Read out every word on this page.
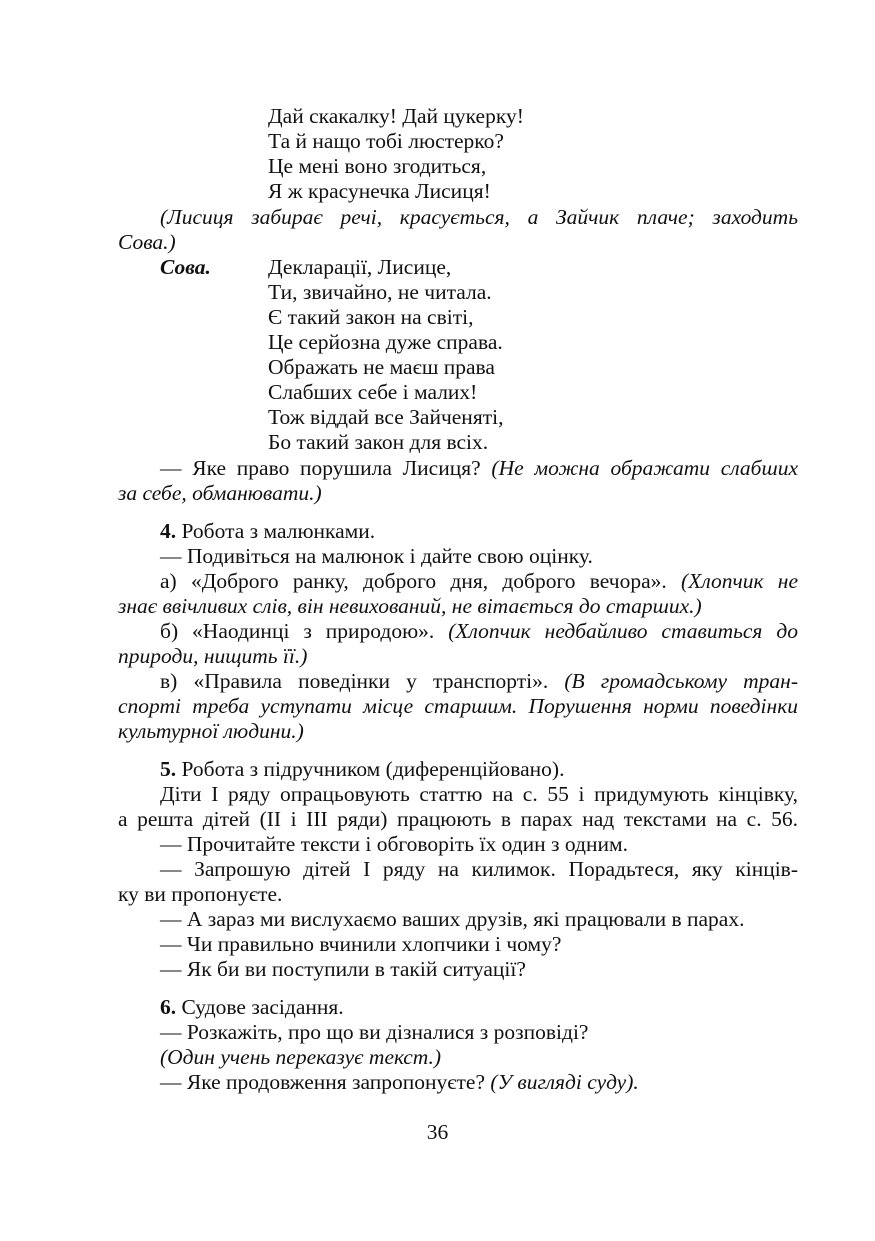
Дай скакалку! Дай цукерку!
Та й нащо тобі люстерко?
Це мені воно згодиться,
Я ж красунечка Лисиця!
(Лисиця забирає речі, красується, а Зайчик плаче; заходить
Сова.)
Сова.	Декларації, Лисице,
Ти, звичайно, не читала.
Є такий закон на світі,
Це серйозна дуже справа.
Ображать не маєш права
Слабших себе і малих!
Тож віддай все Зайченяті,
Бо такий закон для всіх.
— Яке право порушила Лисиця? (Не можна ображати слабших
за себе, обманювати.)
4. Робота з малюнками.
— Подивіться на малюнок і дайте свою оцінку.
а) «Доброго ранку, доброго дня, доброго вечора». (Хлопчик не
знає ввічливих слів, він невихований, не вітається до старших.)
б) «Наодинці з природою». (Хлопчик недбайливо ставиться до
природи, нищить її.)
в) «Правила поведінки у транспорті». (В громадському тран-
спорті треба уступати місце старшим. Порушення норми поведінки
культурної людини.)
5. Робота з підручником (диференційовано).
Діти І ряду опрацьовують статтю на с. 55 і придумують кінцівку,
а решта дітей (ІІ і ІІІ ряди) працюють в парах над текстами на с. 56.
— Прочитайте тексти і обговоріть їх один з одним.
— Запрошую дітей І ряду на килимок. Порадьтеся, яку кінців-
ку ви пропонуєте.
— А зараз ми вислухаємо ваших друзів, які працювали в парах.
— Чи правильно вчинили хлопчики і чому?
— Як би ви поступили в такій ситуації?
6. Судове засідання.
— Розкажіть, про що ви дізналися з розповіді?
(Один учень переказує текст.)
— Яке продовження запропонуєте? (У вигляді суду).
36
